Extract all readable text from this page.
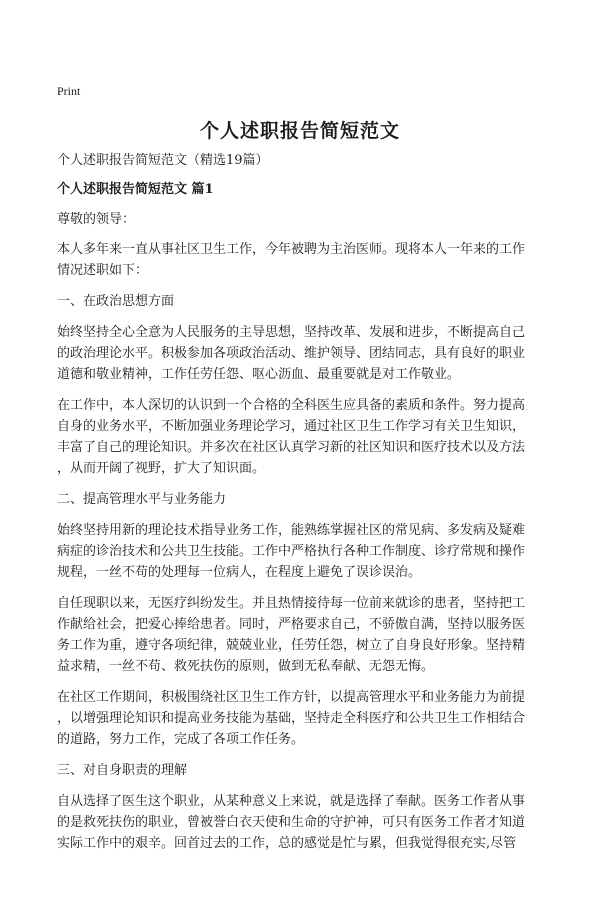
Print
个人述职报告简短范文

个人述职报告简短范文（精选19篇）

个人述职报告简短范文 篇1

尊敬的领导：

本人多年来一直从事社区卫生工作，今年被聘为主治医师。现将本人一年来的工作
情况述职如下：

一、在政治思想方面

始终坚持全心全意为人民服务的主导思想，坚持改革、发展和进步，不断提高自己
的政治理论水平。积极参加各项政治活动、维护领导、团结同志，具有良好的职业
道德和敬业精神，工作任劳任怨、呕心沥血、最重要就是对工作敬业。

在工作中，本人深切的认识到一个合格的全科医生应具备的素质和条件。努力提高
自身的业务水平，不断加强业务理论学习，通过社区卫生工作学习有关卫生知识，
丰富了自己的理论知识。并多次在社区认真学习新的社区知识和医疗技术以及方法
，从而开阔了视野，扩大了知识面。

二、提高管理水平与业务能力

始终坚持用新的理论技术指导业务工作，能熟练掌握社区的常见病、多发病及疑难
病症的诊治技术和公共卫生技能。工作中严格执行各种工作制度、诊疗常规和操作
规程，一丝不苟的处理每一位病人，在程度上避免了误诊误治。

自任现职以来，无医疗纠纷发生。并且热情接待每一位前来就诊的患者，坚持把工
作献给社会，把爱心捧给患者。同时，严格要求自己，不骄傲自满，坚持以服务医
务工作为重，遵守各项纪律，兢兢业业，任劳任怨，树立了自身良好形象。坚持精
益求精，一丝不苟、救死扶伤的原则，做到无私奉献、无怨无悔。

在社区工作期间，积极围绕社区卫生工作方针，以提高管理水平和业务能力为前提
，以增强理论知识和提高业务技能为基础，坚持走全科医疗和公共卫生工作相结合
的道路，努力工作，完成了各项工作任务。

三、对自身职责的理解

自从选择了医生这个职业，从某种意义上来说，就是选择了奉献。医务工作者从事
的是救死扶伤的职业，曾被誉白衣天使和生命的守护神，可只有医务工作者才知道
实际工作中的艰辛。回首过去的工作，总的感觉是忙与累，但我觉得很充实,尽管
